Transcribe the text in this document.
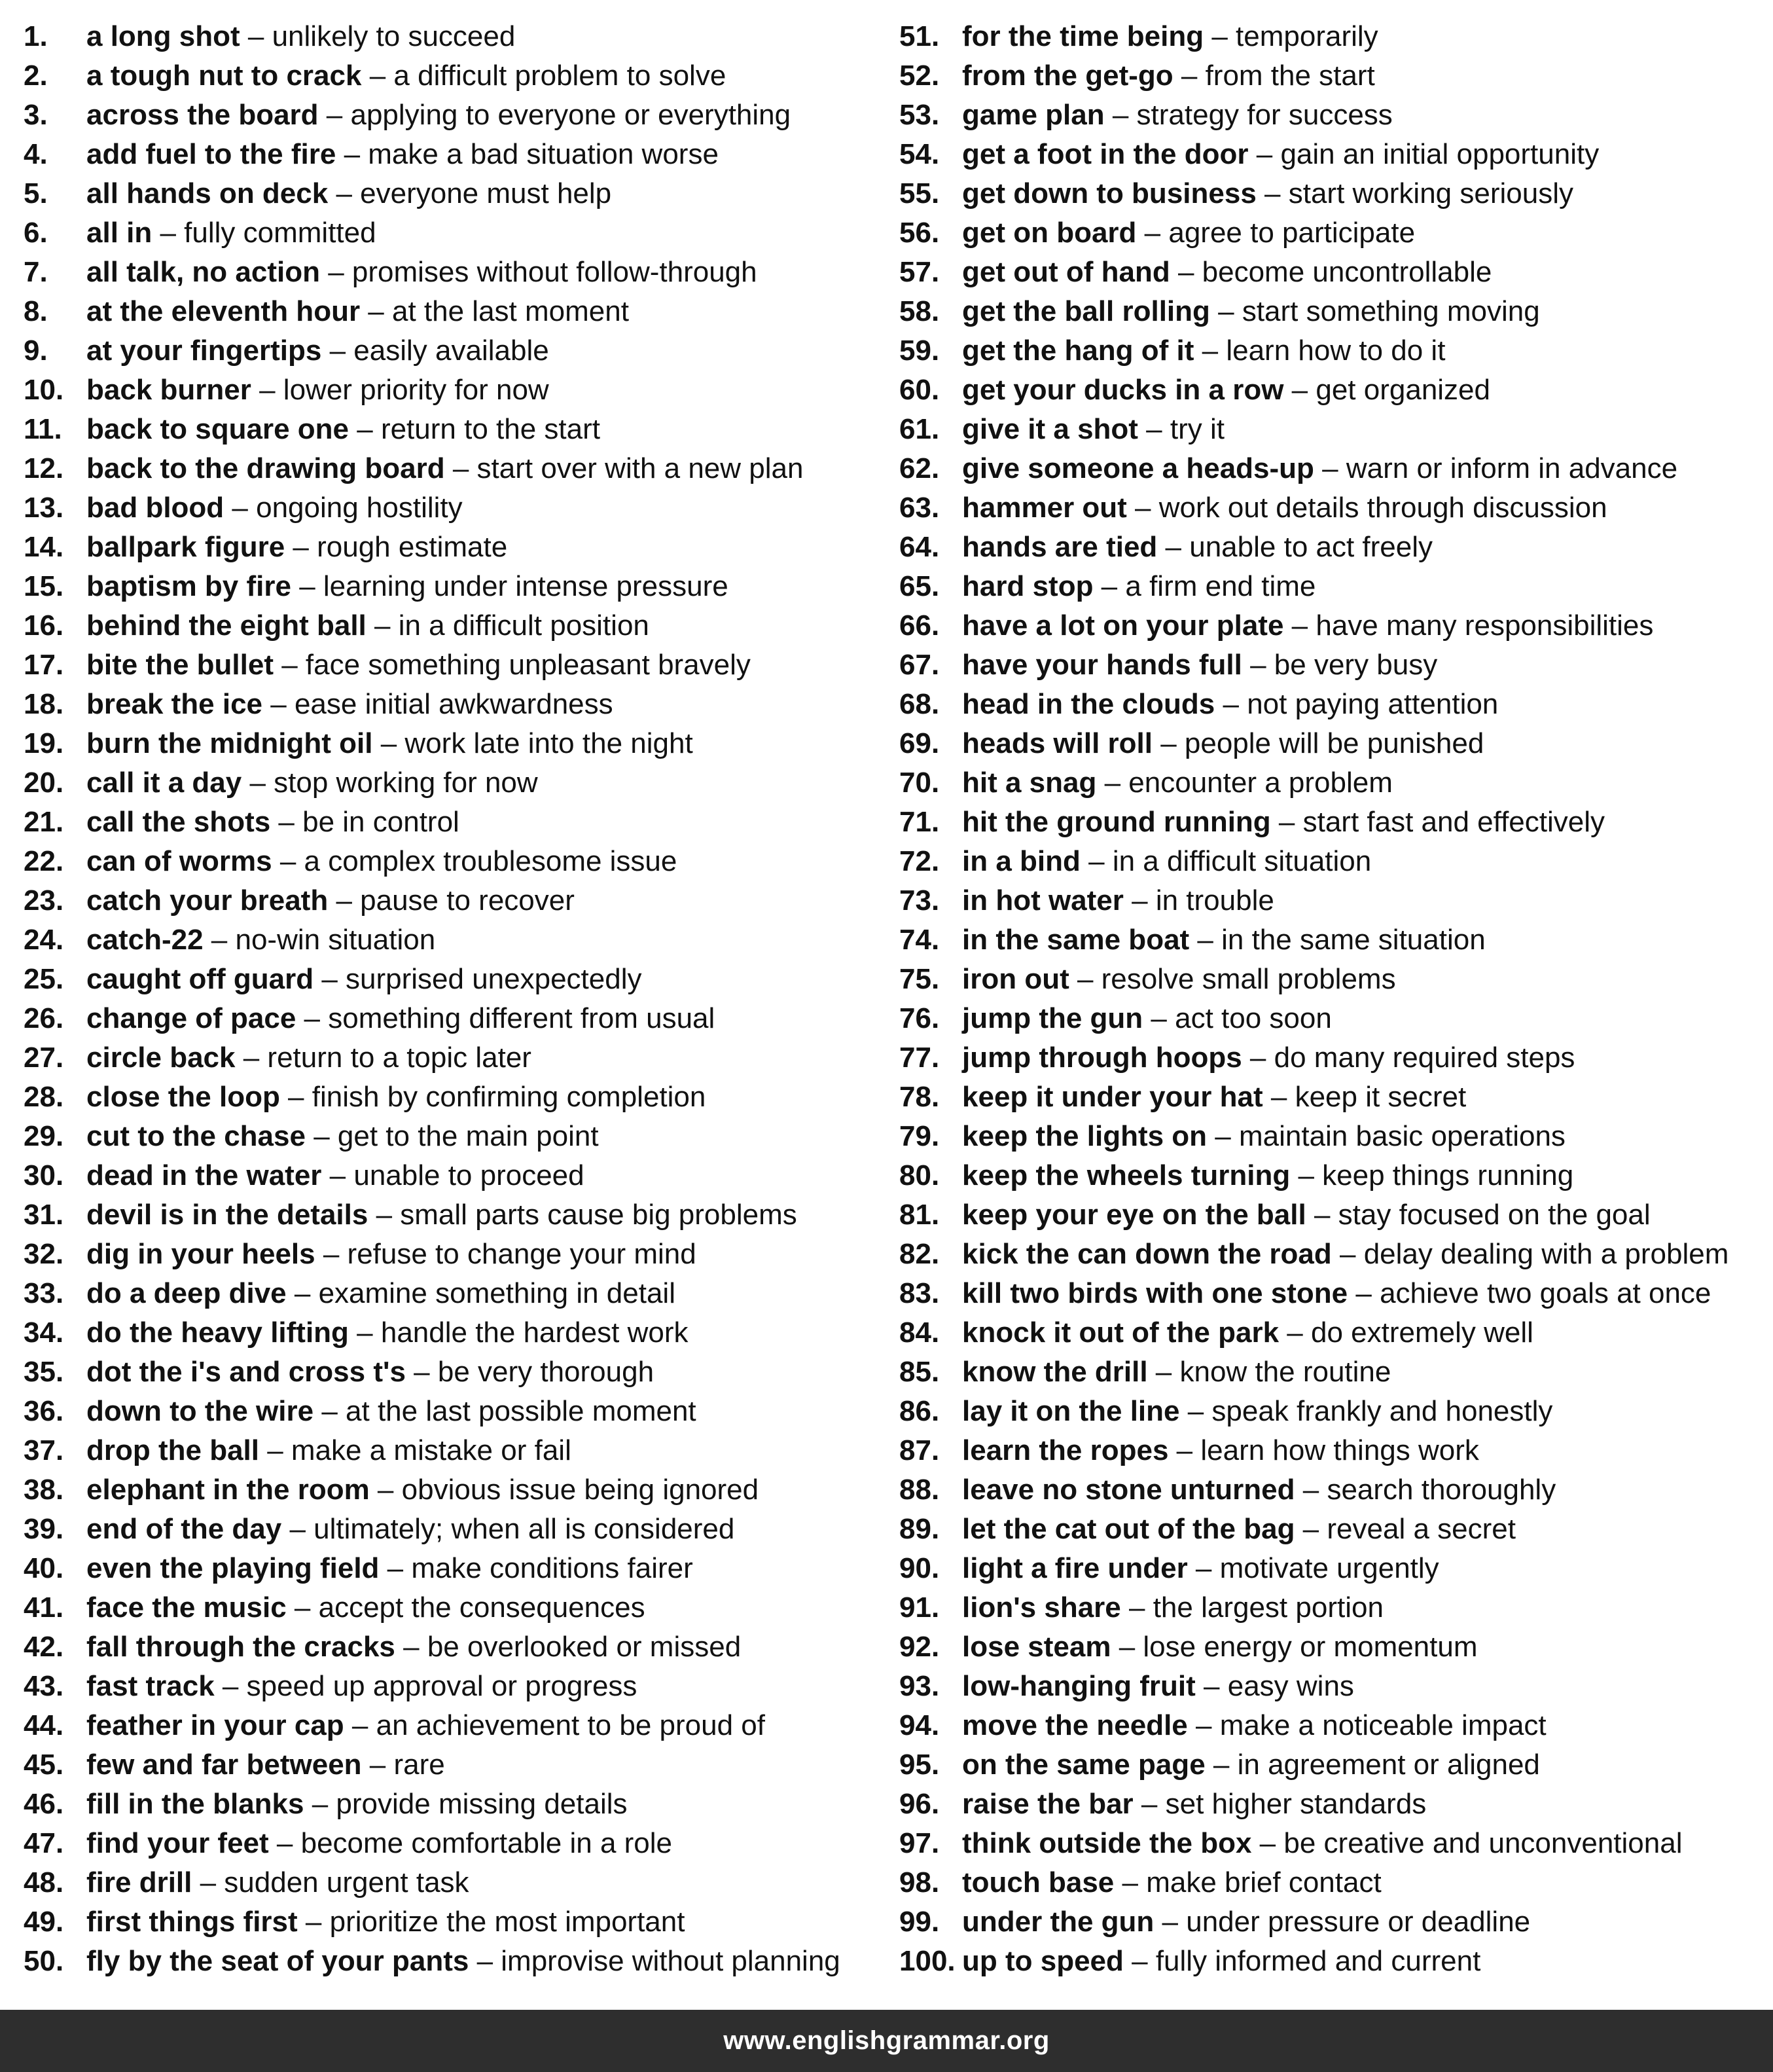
1. a long shot – unlikely to succeed
2. a tough nut to crack – a difficult problem to solve
3. across the board – applying to everyone or everything
4. add fuel to the fire – make a bad situation worse
5. all hands on deck – everyone must help
6. all in – fully committed
7. all talk, no action – promises without follow-through
8. at the eleventh hour – at the last moment
9. at your fingertips – easily available
10. back burner – lower priority for now
11. back to square one – return to the start
12. back to the drawing board – start over with a new plan
13. bad blood – ongoing hostility
14. ballpark figure – rough estimate
15. baptism by fire – learning under intense pressure
16. behind the eight ball – in a difficult position
17. bite the bullet – face something unpleasant bravely
18. break the ice – ease initial awkwardness
19. burn the midnight oil – work late into the night
20. call it a day – stop working for now
21. call the shots – be in control
22. can of worms – a complex troublesome issue
23. catch your breath – pause to recover
24. catch-22 – no-win situation
25. caught off guard – surprised unexpectedly
26. change of pace – something different from usual
27. circle back – return to a topic later
28. close the loop – finish by confirming completion
29. cut to the chase – get to the main point
30. dead in the water – unable to proceed
31. devil is in the details – small parts cause big problems
32. dig in your heels – refuse to change your mind
33. do a deep dive – examine something in detail
34. do the heavy lifting – handle the hardest work
35. dot the i's and cross t's – be very thorough
36. down to the wire – at the last possible moment
37. drop the ball – make a mistake or fail
38. elephant in the room – obvious issue being ignored
39. end of the day – ultimately; when all is considered
40. even the playing field – make conditions fairer
41. face the music – accept the consequences
42. fall through the cracks – be overlooked or missed
43. fast track – speed up approval or progress
44. feather in your cap – an achievement to be proud of
45. few and far between – rare
46. fill in the blanks – provide missing details
47. find your feet – become comfortable in a role
48. fire drill – sudden urgent task
49. first things first – prioritize the most important
50. fly by the seat of your pants – improvise without planning
51. for the time being – temporarily
52. from the get-go – from the start
53. game plan – strategy for success
54. get a foot in the door – gain an initial opportunity
55. get down to business – start working seriously
56. get on board – agree to participate
57. get out of hand – become uncontrollable
58. get the ball rolling – start something moving
59. get the hang of it – learn how to do it
60. get your ducks in a row – get organized
61. give it a shot – try it
62. give someone a heads-up – warn or inform in advance
63. hammer out – work out details through discussion
64. hands are tied – unable to act freely
65. hard stop – a firm end time
66. have a lot on your plate – have many responsibilities
67. have your hands full – be very busy
68. head in the clouds – not paying attention
69. heads will roll – people will be punished
70. hit a snag – encounter a problem
71. hit the ground running – start fast and effectively
72. in a bind – in a difficult situation
73. in hot water – in trouble
74. in the same boat – in the same situation
75. iron out – resolve small problems
76. jump the gun – act too soon
77. jump through hoops – do many required steps
78. keep it under your hat – keep it secret
79. keep the lights on – maintain basic operations
80. keep the wheels turning – keep things running
81. keep your eye on the ball – stay focused on the goal
82. kick the can down the road – delay dealing with a problem
83. kill two birds with one stone – achieve two goals at once
84. knock it out of the park – do extremely well
85. know the drill – know the routine
86. lay it on the line – speak frankly and honestly
87. learn the ropes – learn how things work
88. leave no stone unturned – search thoroughly
89. let the cat out of the bag – reveal a secret
90. light a fire under – motivate urgently
91. lion's share – the largest portion
92. lose steam – lose energy or momentum
93. low-hanging fruit – easy wins
94. move the needle – make a noticeable impact
95. on the same page – in agreement or aligned
96. raise the bar – set higher standards
97. think outside the box – be creative and unconventional
98. touch base – make brief contact
99. under the gun – under pressure or deadline
100. up to speed – fully informed and current
www.englishgrammar.org
